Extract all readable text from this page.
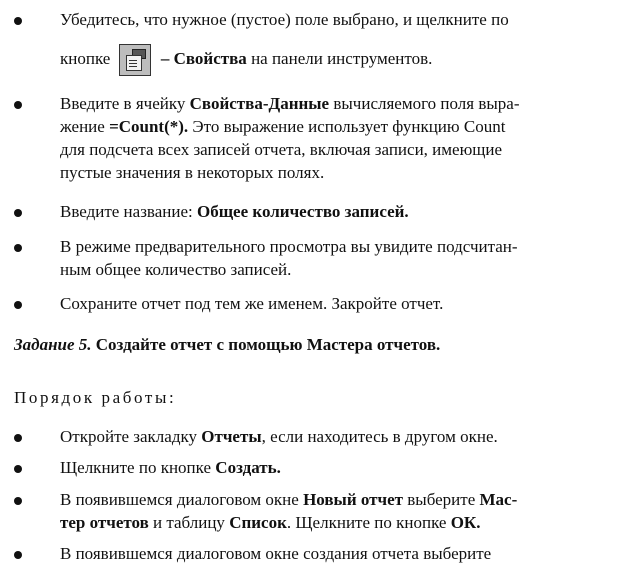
Убедитесь, что нужное (пустое) поле выбрано, и щелкните по
кнопке	– Свойства на панели инструментов.
Введите в ячейку Свойства-Данные вычисляемого поля выра-
жение =Count(*). Это выражение использует функцию Count
для подсчета всех записей отчета, включая записи, имеющие
пустые значения в некоторых полях.
Введите название: Общее количество записей.
В режиме предварительного просмотра вы увидите подсчитан-
ным общее количество записей.
Сохраните отчет под тем же именем. Закройте отчет.
Задание 5. Создайте отчет с помощью Мастера отчетов.
Порядок работы:
Откройте закладку Отчеты, если находитесь в другом окне.
Щелкните по кнопке Создать.
В появившемся диалоговом окне Новый отчет выберите Мас-
тер отчетов и таблицу Список. Щелкните по кнопке ОК.
В появившемся диалоговом окне создания отчета выберите
